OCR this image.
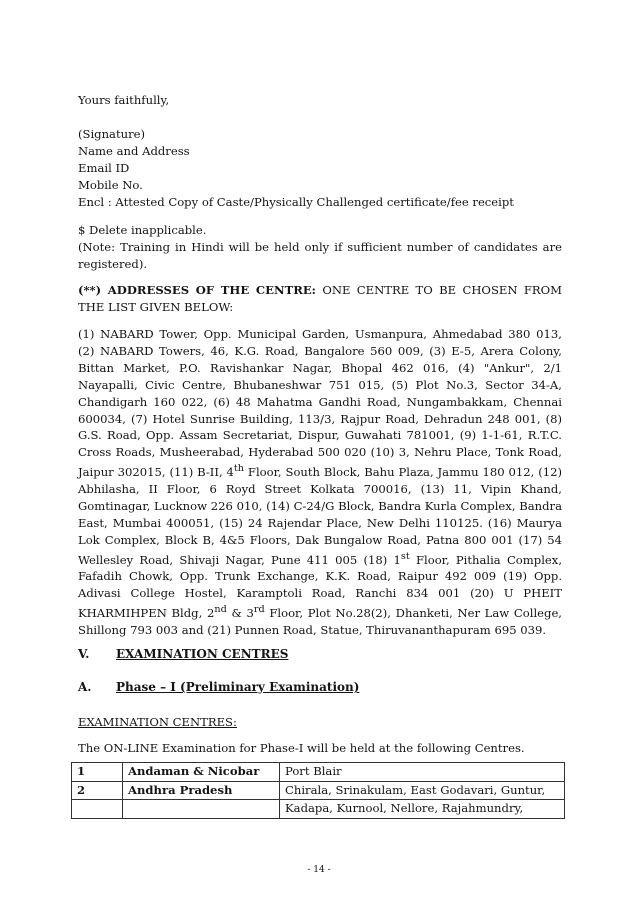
Yours faithfully,

(Signature)

Name and Address

Email ID

Mobile No.

Encl : Attested Copy of Caste/Physically Challenged certificate/fee receipt

$ Delete inapplicable.

(Note: Training in Hindi will be held only if sufficient number of candidates are registered).

(**) ADDRESSES OF THE CENTRE: ONE CENTRE TO BE CHOSEN FROM THE LIST GIVEN BELOW:

(1) NABARD Tower, Opp. Municipal Garden, Usmanpura, Ahmedabad 380 013, (2) NABARD Towers, 46, K.G. Road, Bangalore 560 009, (3) E-5, Arera Colony, Bittan Market, P.O. Ravishankar Nagar, Bhopal 462 016, (4) "Ankur", 2/1 Nayapalli, Civic Centre, Bhubaneshwar 751 015, (5) Plot No.3, Sector 34-A, Chandigarh 160 022, (6) 48 Mahatma Gandhi Road, Nungambakkam, Chennai 600034, (7) Hotel Sunrise Building, 113/3, Rajpur Road, Dehradun 248 001, (8) G.S. Road, Opp. Assam Secretariat, Dispur, Guwahati 781001, (9) 1-1-61, R.T.C. Cross Roads, Musheerabad, Hyderabad 500 020 (10) 3, Nehru Place, Tonk Road, Jaipur 302015, (11) B-II, 4th Floor, South Block, Bahu Plaza, Jammu 180 012, (12) Abhilasha, II Floor, 6 Royd Street Kolkata 700016, (13) 11, Vipin Khand, Gomtinagar, Lucknow 226 010, (14) C-24/G Block, Bandra Kurla Complex, Bandra East, Mumbai 400051, (15) 24 Rajendar Place, New Delhi 110125. (16) Maurya Lok Complex, Block B, 4&5 Floors, Dak Bungalow Road, Patna 800 001 (17) 54 Wellesley Road, Shivaji Nagar, Pune 411 005 (18) 1st Floor, Pithalia Complex, Fafadih Chowk, Opp. Trunk Exchange, K.K. Road, Raipur 492 009 (19) Opp. Adivasi College Hostel, Karamptoli Road, Ranchi 834 001 (20) U PHEIT KHARMIHPEN Bldg, 2nd & 3rd Floor, Plot No.28(2), Dhanketi, Ner Law College, Shillong 793 003 and (21) Punnen Road, Statue, Thiruvananthapuram 695 039.

V. EXAMINATION CENTRES
A. Phase – I (Preliminary Examination)

EXAMINATION CENTRES:

The ON-LINE Examination for Phase-I will be held at the following Centres.

1	Andaman & Nicobar	Port Blair
2	Andhra Pradesh	Chirala, Srinakulam, East Godavari, Guntur,
		Kadapa, Kurnool, Nellore, Rajahmundry,
- 14 -
